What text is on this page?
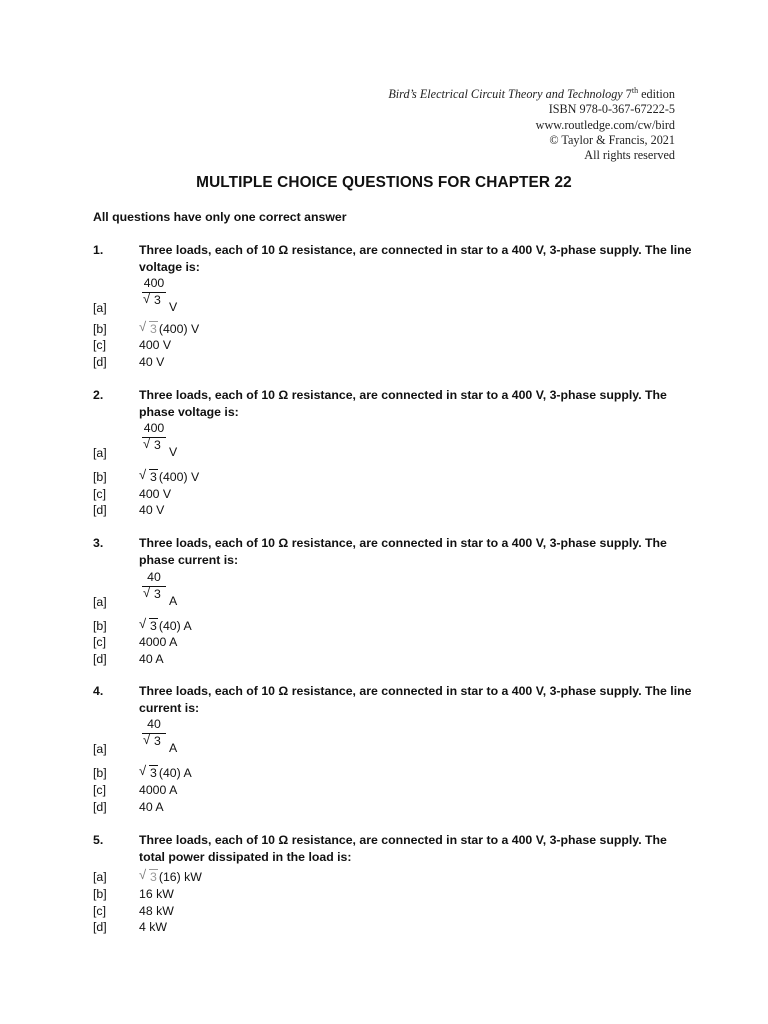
Bird’s Electrical Circuit Theory and Technology 7th edition
ISBN 978-0-367-67222-5
www.routledge.com/cw/bird
© Taylor & Francis, 2021
All rights reserved
MULTIPLE CHOICE QUESTIONS FOR CHAPTER 22
All questions have only one correct answer
1.	Three loads, each of 10 Ω resistance, are connected in star to a 400 V, 3-phase supply. The line
voltage is:
[a]
400
√ 3 V
[b] √ 3 (400) V
[c]	400 V
[d]	40 V
2.	Three loads, each of 10 Ω resistance, are connected in star to a 400 V, 3-phase supply. The
phase voltage is:
[a]
400
√ 3 V
[b] √ 3 (400) V
[c]	400 V
[d]	40 V
3.	Three loads, each of 10 Ω resistance, are connected in star to a 400 V, 3-phase supply. The
phase current is:
[a]
40
√ 3 A
[b] √ 3 (40) A
[c]	4000 A
[d]	40 A
4.	Three loads, each of 10 Ω resistance, are connected in star to a 400 V, 3-phase supply. The line
current is:
[a]
40
√ 3 A
[b] √ 3 (40) A
[c]	4000 A
[d]	40 A
5.	Three loads, each of 10 Ω resistance, are connected in star to a 400 V, 3-phase supply. The
total power dissipated in the load is:
[a] √ 3 (16) kW
[b]	16 kW
[c]	48 kW
[d]	4 kW
